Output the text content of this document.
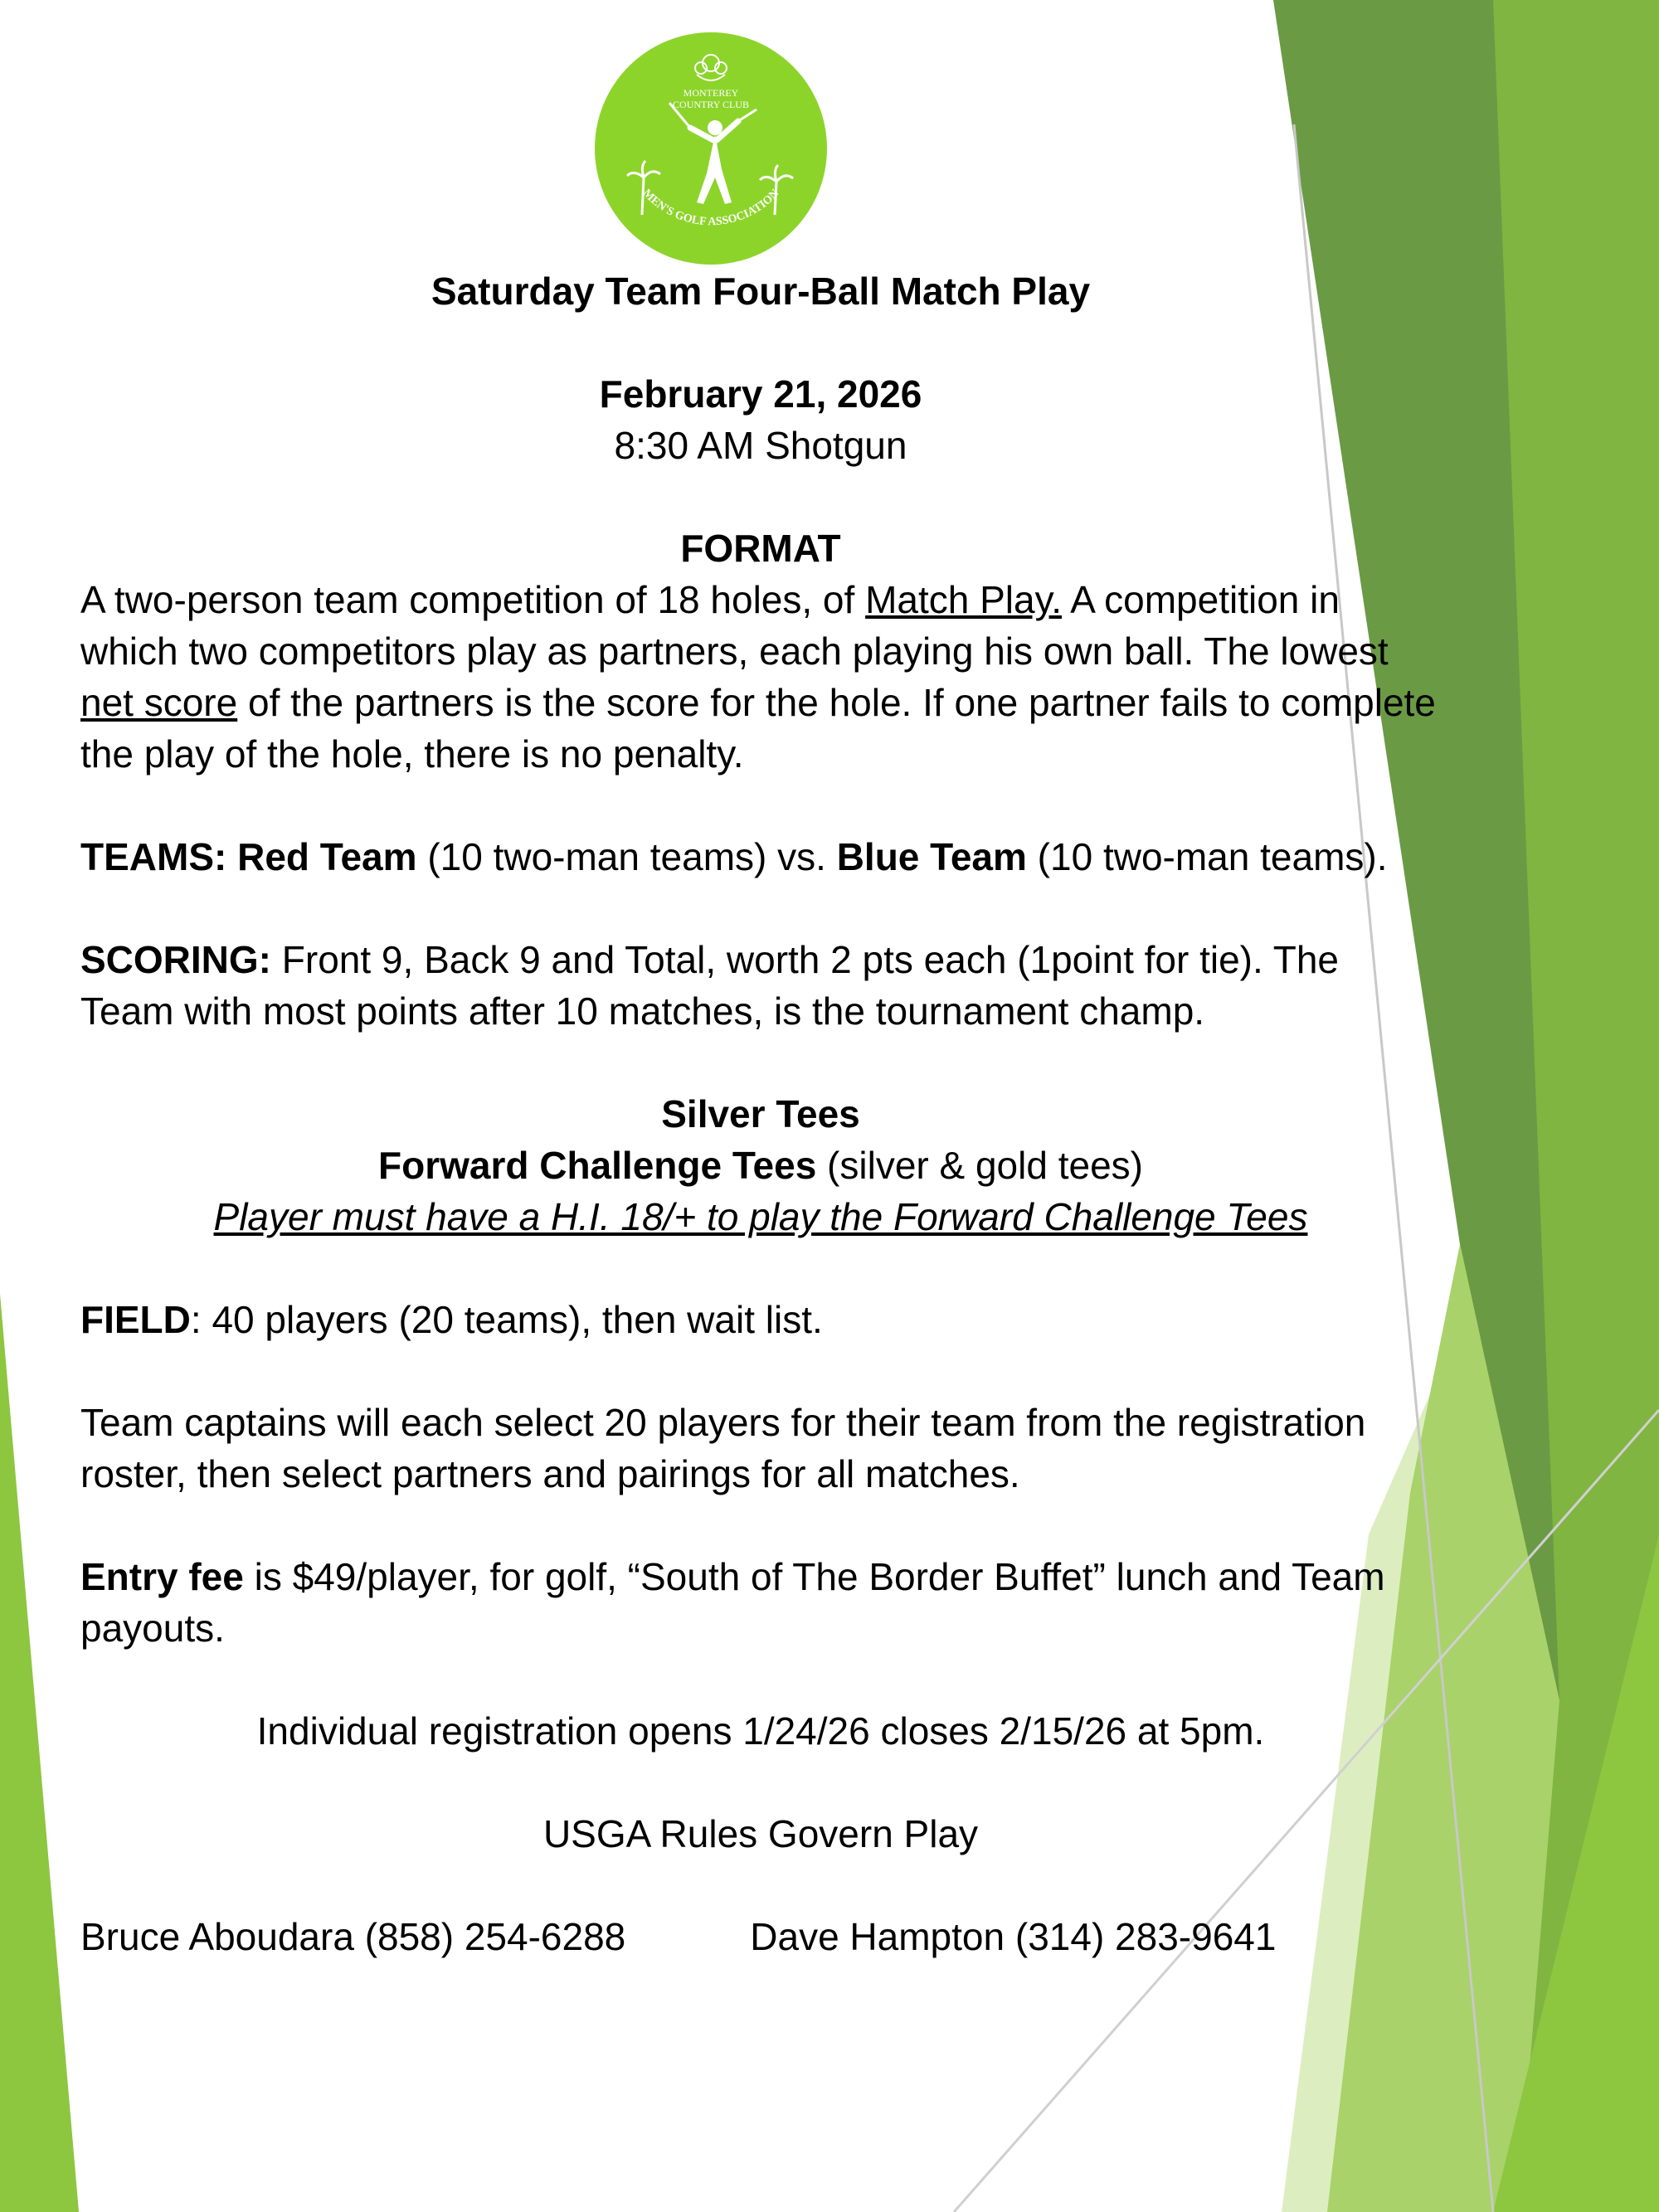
MONTEREY
COUNTRY CLUB
MEN'S GOLF ASSOCIATION

Saturday Team Four-Ball Match Play

February 21, 2026

8:30 AM Shotgun

FORMAT

A two-person team competition of 18 holes, of Match Play. A competition in which two competitors play as partners, each playing his own ball. The lowest net score of the partners is the score for the hole. If one partner fails to complete the play of the hole, there is no penalty.

TEAMS: Red Team (10 two-man teams) vs. Blue Team (10 two-man teams).

SCORING: Front 9, Back 9 and Total, worth 2 pts each (1point for tie). The Team with most points after 10 matches, is the tournament champ.

Silver Tees

Forward Challenge Tees (silver & gold tees)

Player must have a H.I. 18/+ to play the Forward Challenge Tees

FIELD: 40 players (20 teams), then wait list.

Team captains will each select 20 players for their team from the registration roster, then select partners and pairings for all matches.

Entry fee is $49/player, for golf, “South of The Border Buffet” lunch and Team payouts.

Individual registration opens 1/24/26 closes 2/15/26 at 5pm.

USGA Rules Govern Play

Bruce Aboudara (858) 254-6288	Dave Hampton (314) 283-9641
